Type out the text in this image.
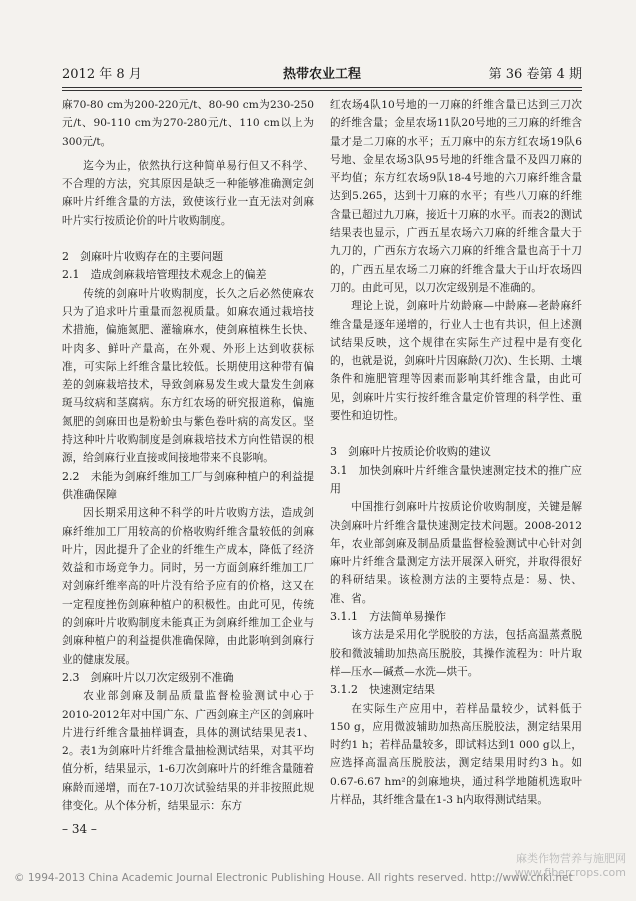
2012 年 8 月	热带农业工程	第 36 卷第 4 期

麻70-80 cm为200-220元/t、80-90 cm为230-250元/t、90-110 cm为270-280元/t、110 cm以上为300元/t。

迄今为止，依然执行这种简单易行但又不科学、不合理的方法，究其原因是缺乏一种能够准确测定剑麻叶片纤维含量的方法，致使该行业一直无法对剑麻叶片实行按质论价的叶片收购制度。

2　剑麻叶片收购存在的主要问题
2.1　造成剑麻栽培管理技术观念上的偏差

传统的剑麻叶片收购制度，长久之后必然使麻农只为了追求叶片重量而忽视质量。如麻农通过栽培技术措施，偏施氮肥、灌输麻水，使剑麻植株生长快、叶肉多、鲜叶产量高，在外观、外形上达到收获标准，可实际上纤维含量比较低。长期使用这种带有偏差的剑麻栽培技术，导致剑麻易发生或大量发生剑麻斑马纹病和茎腐病。东方红农场的研究报道称，偏施氮肥的剑麻田也是粉蚧虫与紫色卷叶病的高发区。坚持这种叶片收购制度是剑麻栽培技术方向性错误的根源，给剑麻行业直接或间接地带来不良影响。

2.2　未能为剑麻纤维加工厂与剑麻种植户的利益提供准确保障

因长期采用这种不科学的叶片收购方法，造成剑麻纤维加工厂用较高的价格收购纤维含量较低的剑麻叶片，因此提升了企业的纤维生产成本，降低了经济效益和市场竞争力。同时，另一方面剑麻纤维加工厂对剑麻纤维率高的叶片没有给予应有的价格，这又在一定程度挫伤剑麻种植户的积极性。由此可见，传统的剑麻叶片收购制度未能真正为剑麻纤维加工企业与剑麻种植户的利益提供准确保障，由此影响到剑麻行业的健康发展。

2.3　剑麻叶片以刀次定级别不准确

农业部剑麻及制品质量监督检验测试中心于2010-2012年对中国广东、广西剑麻主产区的剑麻叶片进行纤维含量抽样调查，具体的测试结果见表1、2。表1为剑麻叶片纤维含量抽检测试结果，对其平均值分析，结果显示，1-6刀次剑麻叶片的纤维含量随着麻龄而递增，而在7-10刀次试验结果的并非按照此规律变化。从个体分析，结果显示：东方

红农场4队10号地的一刀麻的纤维含量已达到三刀次的纤维含量；金星农场11队20号地的三刀麻的纤维含量才是二刀麻的水平；五刀麻中的东方红农场19队6号地、金星农场3队95号地的纤维含量不及四刀麻的平均值；东方红农场9队18-4号地的六刀麻纤维含量达到5.265，达到十刀麻的水平；有些八刀麻的纤维含量已超过九刀麻，接近十刀麻的水平。而表2的测试结果表也显示，广西五星农场六刀麻的纤维含量大于九刀的，广西东方农场六刀麻的纤维含量也高于十刀的，广西五星农场二刀麻的纤维含量大于山圩农场四刀的。由此可见，以刀次定级别是不准确的。

理论上说，剑麻叶片幼龄麻—中龄麻—老龄麻纤维含量是逐年递增的，行业人士也有共识，但上述测试结果反映，这个规律在实际生产过程中是有变化的，也就是说，剑麻叶片因麻龄(刀次)、生长期、土壤条件和施肥管理等因素而影响其纤维含量，由此可见，剑麻叶片实行按纤维含量定价管理的科学性、重要性和迫切性。

3　剑麻叶片按质论价收购的建议
3.1　加快剑麻叶片纤维含量快速测定技术的推广应用

中国推行剑麻叶片按质论价收购制度，关键是解决剑麻叶片纤维含量快速测定技术问题。2008-2012年，农业部剑麻及制品质量监督检验测试中心针对剑麻叶片纤维含量测定方法开展深入研究，并取得很好的科研结果。该检测方法的主要特点是：易、快、准、省。

3.1.1　方法简单易操作

该方法是采用化学脱胶的方法，包括高温蒸煮脱胶和微波辅助加热高压脱胶，其操作流程为：叶片取样—压水—碱煮—水洗—烘干。

3.1.2　快速测定结果

在实际生产应用中，若样品量较少，试料低于150 g，应用微波辅助加热高压脱胶法，测定结果用时约1 h；若样品量较多，即试料达到1 000 g以上，应选择高温高压脱胶法，测定结果用时约3 h。如0.67-6.67 hm²的剑麻地块，通过科学地随机选取叶片样品，其纤维含量在1-3 h内取得测试结果。

– 34 –
麻类作物营养与施肥网
www.fibercrops.com
© 1994-2013 China Academic Journal Electronic Publishing House. All rights reserved. http://www.cnki.net
